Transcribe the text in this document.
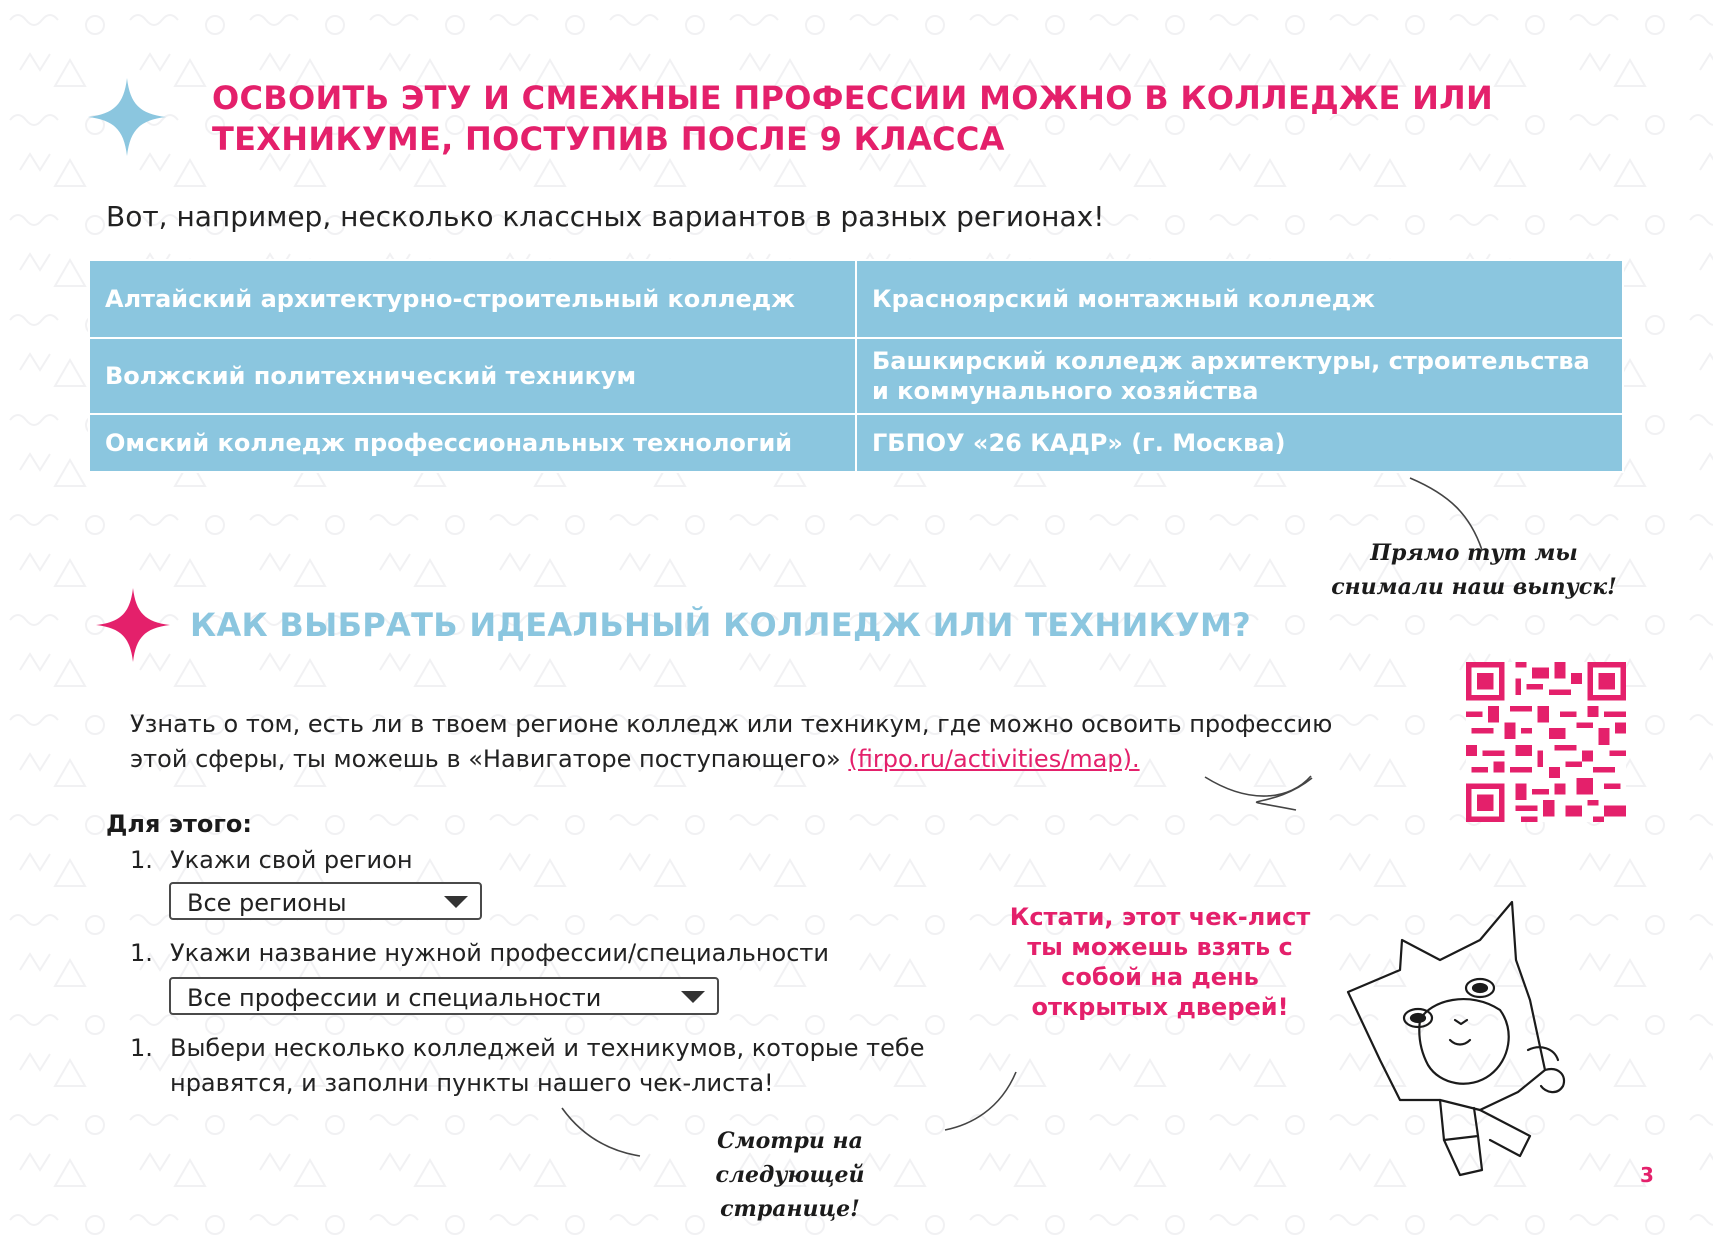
ОСВОИТЬ ЭТУ И СМЕЖНЫЕ ПРОФЕССИИ МОЖНО В КОЛЛЕДЖЕ ИЛИ ТЕХНИКУМЕ, ПОСТУПИВ ПОСЛЕ 9 КЛАССА
Вот, например, несколько классных вариантов в разных регионах!
Алтайский архитектурно-строительный колледж	Красноярский монтажный колледж
Волжский политехнический техникум	Башкирский колледж архитектуры, строительства и коммунального хозяйства
Омский колледж профессиональных технологий	ГБПОУ «26 КАДР» (г. Москва)
Прямо тут мы снимали наш выпуск!
КАК ВЫБРАТЬ ИДЕАЛЬНЫЙ КОЛЛЕДЖ ИЛИ ТЕХНИКУМ?
Узнать о том, есть ли в твоем регионе колледж или техникум, где можно освоить профессию этой сферы, ты можешь в «Навигаторе поступающего» (firpo.ru/activities/map).
Для этого:
1. Укажи свой регион
Все регионы
1. Укажи название нужной профессии/специальности
Все профессии и специальности
1. Выбери несколько колледжей и техникумов, которые тебе нравятся, и заполни пункты нашего чек-листа!
Кстати, этот чек-лист ты можешь взять с собой на день открытых дверей!
Смотри на следующей странице!
3
